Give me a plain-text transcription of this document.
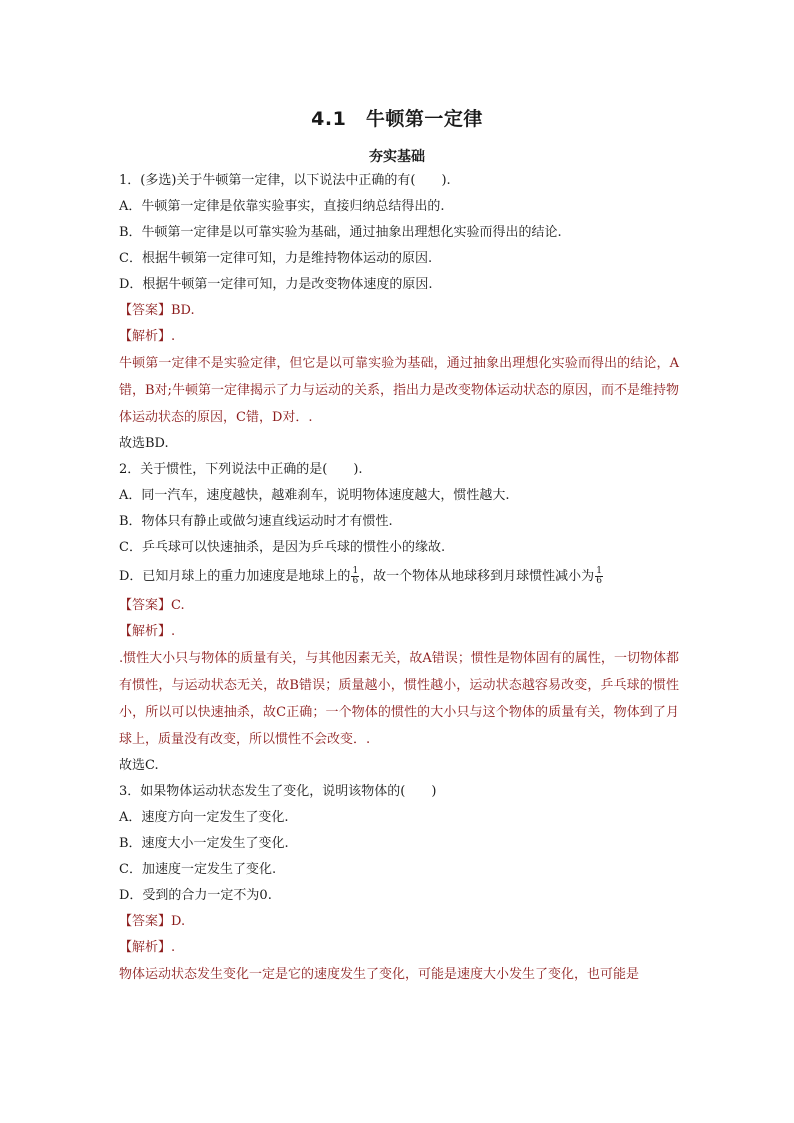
4.1　牛顿第一定律
夯实基础
1．(多选)关于牛顿第一定律，以下说法中正确的有(　　).
A．牛顿第一定律是依靠实验事实，直接归纳总结得出的.
B．牛顿第一定律是以可靠实验为基础，通过抽象出理想化实验而得出的结论.
C．根据牛顿第一定律可知，力是维持物体运动的原因.
D．根据牛顿第一定律可知，力是改变物体速度的原因.
【答案】BD.
【解析】.
牛顿第一定律不是实验定律，但它是以可靠实验为基础，通过抽象出理想化实验而得出的结论，A错，B对;牛顿第一定律揭示了力与运动的关系，指出力是改变物体运动状态的原因，而不是维持物体运动状态的原因，C错，D对．.
故选BD.
2．关于惯性，下列说法中正确的是(　　).
A．同一汽车，速度越快，越难刹车，说明物体速度越大，惯性越大.
B．物体只有静止或做匀速直线运动时才有惯性.
C．乒乓球可以快速抽杀，是因为乒乓球的惯性小的缘故.
D．已知月球上的重力加速度是地球上的 $\frac{1}{6}$ ，故一个物体从地球移到月球惯性减小为 $\frac{1}{6}$
【答案】C.
【解析】.
.惯性大小只与物体的质量有关，与其他因素无关，故A错误；惯性是物体固有的属性，一切物体都有惯性，与运动状态无关，故B错误；质量越小，惯性越小，运动状态越容易改变，乒乓球的惯性小，所以可以快速抽杀，故C正确；一个物体的惯性的大小只与这个物体的质量有关，物体到了月球上，质量没有改变，所以惯性不会改变．.
故选C.
3．如果物体运动状态发生了变化，说明该物体的(　　)
A．速度方向一定发生了变化.
B．速度大小一定发生了变化.
C．加速度一定发生了变化.
D．受到的合力一定不为0.
【答案】D.
【解析】.
物体运动状态发生变化一定是它的速度发生了变化，可能是速度大小发生了变化，也可能是
